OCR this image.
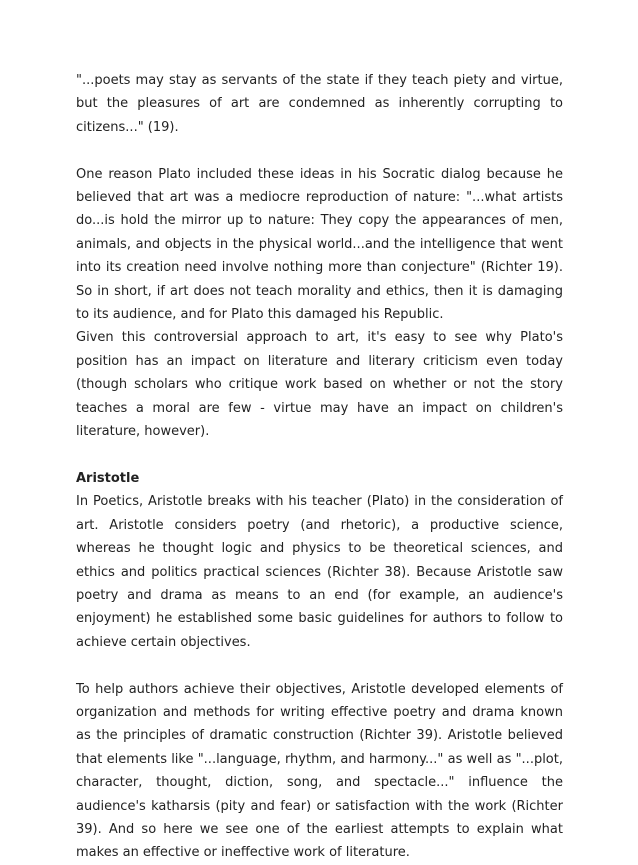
"...poets may stay as servants of the state if they teach piety and virtue, but the pleasures of art are condemned as inherently corrupting to citizens..." (19).

One reason Plato included these ideas in his Socratic dialog because he believed that art was a mediocre reproduction of nature: "...what artists do...is hold the mirror up to nature: They copy the appearances of men, animals, and objects in the physical world...and the intelligence that went into its creation need involve nothing more than conjecture" (Richter 19). So in short, if art does not teach morality and ethics, then it is damaging to its audience, and for Plato this damaged his Republic.

Given this controversial approach to art, it's easy to see why Plato's position has an impact on literature and literary criticism even today (though scholars who critique work based on whether or not the story teaches a moral are few - virtue may have an impact on children's literature, however).

Aristotle

In Poetics, Aristotle breaks with his teacher (Plato) in the consideration of art. Aristotle considers poetry (and rhetoric), a productive science, whereas he thought logic and physics to be theoretical sciences, and ethics and politics practical sciences (Richter 38). Because Aristotle saw poetry and drama as means to an end (for example, an audience's enjoyment) he established some basic guidelines for authors to follow to achieve certain objectives.

To help authors achieve their objectives, Aristotle developed elements of organization and methods for writing effective poetry and drama known as the principles of dramatic construction (Richter 39). Aristotle believed that elements like "...language, rhythm, and harmony..." as well as "...plot, character, thought, diction, song, and spectacle..." influence the audience's katharsis (pity and fear) or satisfaction with the work (Richter 39). And so here we see one of the earliest attempts to explain what makes an effective or ineffective work of literature.
